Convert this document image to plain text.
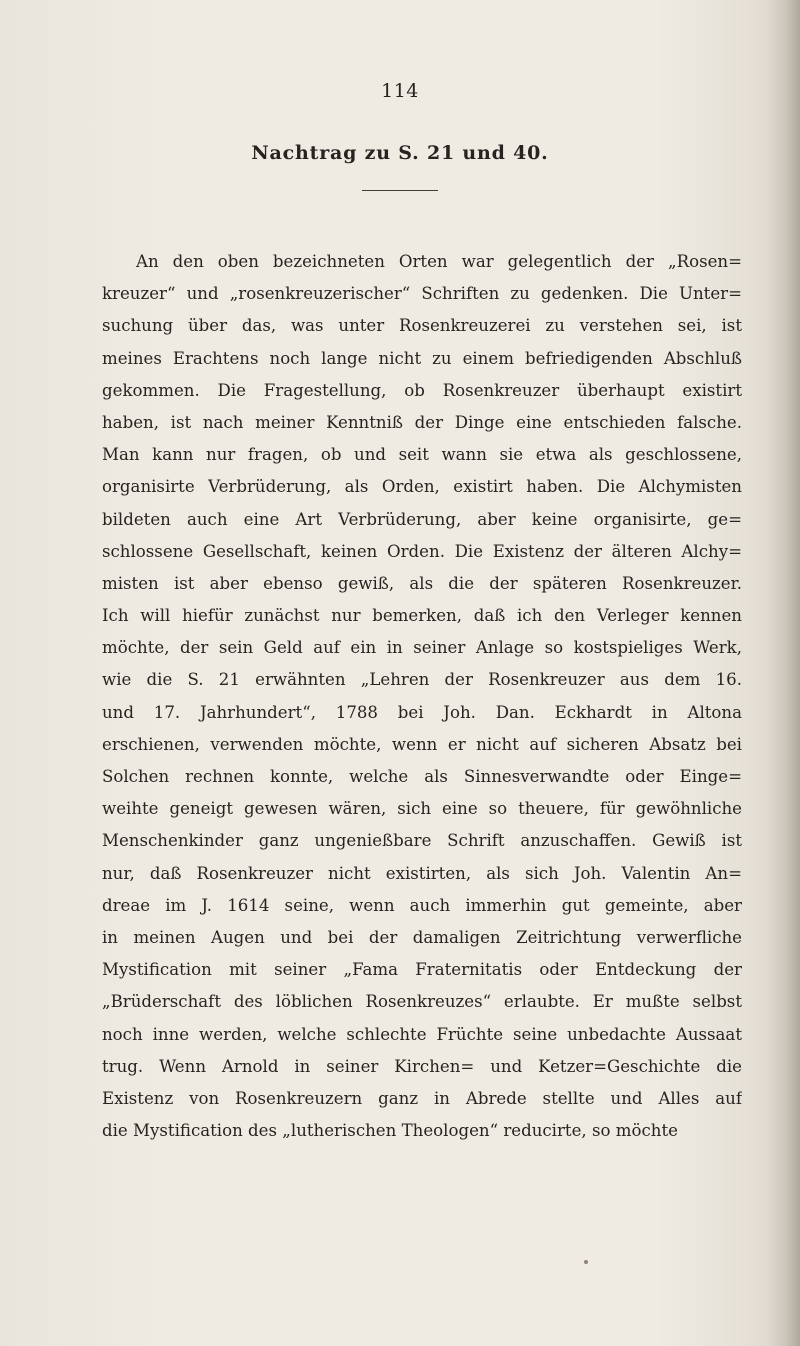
114
Nachtrag zu S. 21 und 40.
An den oben bezeichneten Orten war gelegentlich der „Rosen=
kreuzer“ und „rosenkreuzerischer“ Schriften zu gedenken. Die Unter=
suchung über das, was unter Rosenkreuzerei zu verstehen sei, ist
meines Erachtens noch lange nicht zu einem befriedigenden Abschluß
gekommen. Die Fragestellung, ob Rosenkreuzer überhaupt existirt
haben, ist nach meiner Kenntniß der Dinge eine entschieden falsche.
Man kann nur fragen, ob und seit wann sie etwa als geschlossene,
organisirte Verbrüderung, als Orden, existirt haben. Die Alchymisten
bildeten auch eine Art Verbrüderung, aber keine organisirte, ge=
schlossene Gesellschaft, keinen Orden. Die Existenz der älteren Alchy=
misten ist aber ebenso gewiß, als die der späteren Rosenkreuzer.
Ich will hiefür zunächst nur bemerken, daß ich den Verleger kennen
möchte, der sein Geld auf ein in seiner Anlage so kostspieliges Werk,
wie die S. 21 erwähnten „Lehren der Rosenkreuzer aus dem 16.
und 17. Jahrhundert“, 1788 bei Joh. Dan. Eckhardt in Altona
erschienen, verwenden möchte, wenn er nicht auf sicheren Absatz bei
Solchen rechnen konnte, welche als Sinnesverwandte oder Einge=
weihte geneigt gewesen wären, sich eine so theuere, für gewöhnliche
Menschenkinder ganz ungenießbare Schrift anzuschaffen. Gewiß ist
nur, daß Rosenkreuzer nicht existirten, als sich Joh. Valentin An=
dreae im J. 1614 seine, wenn auch immerhin gut gemeinte, aber
in meinen Augen und bei der damaligen Zeitrichtung verwerfliche
Mystification mit seiner „Fama Fraternitatis oder Entdeckung der
„Brüderschaft des löblichen Rosenkreuzes“ erlaubte. Er mußte selbst
noch inne werden, welche schlechte Früchte seine unbedachte Aussaat
trug. Wenn Arnold in seiner Kirchen= und Ketzer=Geschichte die
Existenz von Rosenkreuzern ganz in Abrede stellte und Alles auf
die Mystification des „lutherischen Theologen“ reducirte, so möchte
